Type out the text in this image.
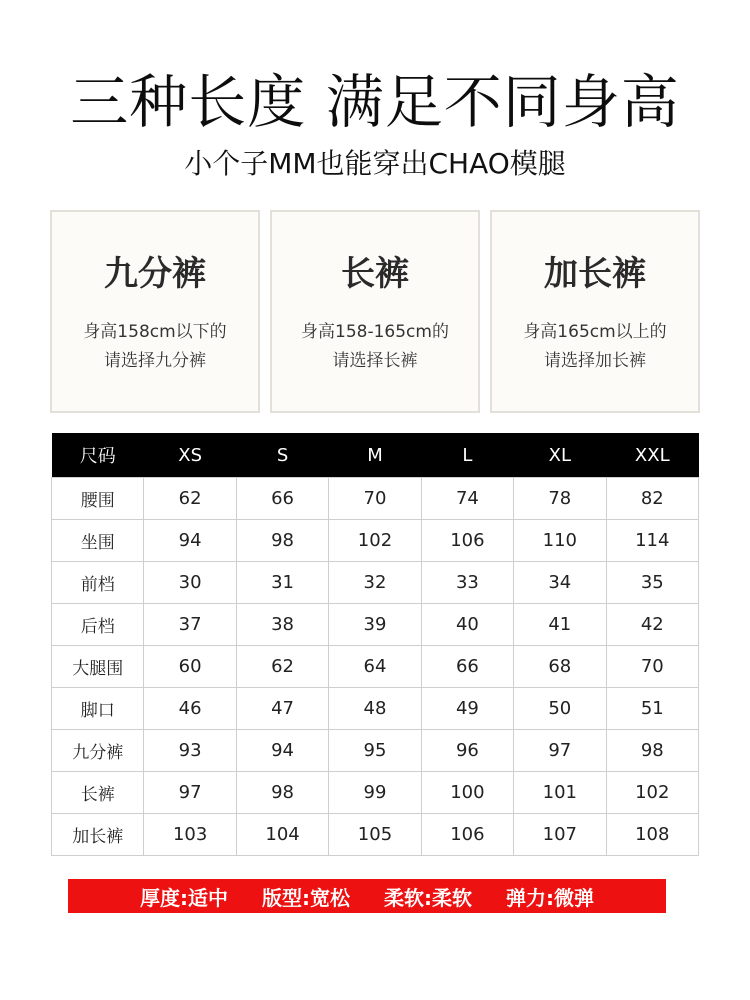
三种长度 满足不同身高
小个子MM也能穿出CHAO模腿
九分裤
身高158cm以下的
请选择九分裤
长裤
身高158-165cm的
请选择长裤
加长裤
身高165cm以上的
请选择加长裤
尺码	XS	S	M	L	XL	XXL
腰围	62	66	70	74	78	82
坐围	94	98	102	106	110	114
前档	30	31	32	33	34	35
后档	37	38	39	40	41	42
大腿围	60	62	64	66	68	70
脚口	46	47	48	49	50	51
九分裤	93	94	95	96	97	98
长裤	97	98	99	100	101	102
加长裤	103	104	105	106	107	108
厚度:适中 版型:宽松 柔软:柔软 弹力:微弹
